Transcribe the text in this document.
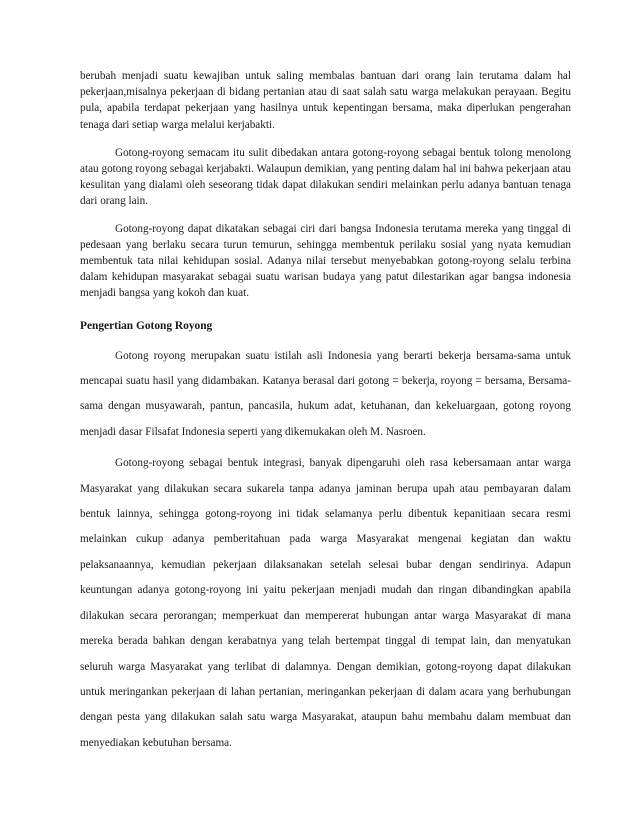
berubah menjadi suatu kewajiban untuk saling membalas bantuan dari orang lain terutama dalam hal pekerjaan,misalnya pekerjaan di bidang pertanian atau di saat salah satu warga melakukan perayaan. Begitu pula, apabila terdapat pekerjaan yang hasilnya untuk kepentingan bersama, maka diperlukan pengerahan tenaga dari setiap warga melalui kerjabakti.

Gotong-royong semacam itu sulit dibedakan antara gotong-royong sebagai bentuk tolong menolong atau gotong royong sebagai kerjabakti. Walaupun demikian, yang penting dalam hal ini bahwa pekerjaan atau kesulitan yang dialami oleh seseorang tidak dapat dilakukan sendiri melainkan perlu adanya bantuan tenaga dari orang lain.

Gotong-royong dapat dikatakan sebagai ciri dari bangsa Indonesia terutama mereka yang tinggal di pedesaan yang berlaku secara turun temurun, sehingga membentuk perilaku sosial yang nyata kemudian membentuk tata nilai kehidupan sosial. Adanya nilai tersebut menyebabkan gotong-royong selalu terbina dalam kehidupan masyarakat sebagai suatu warisan budaya yang patut dilestarikan agar bangsa indonesia menjadi bangsa yang kokoh dan kuat.

Pengertian Gotong Royong

Gotong royong merupakan suatu istilah asli Indonesia yang berarti bekerja bersama-sama untuk mencapai suatu hasil yang didambakan. Katanya berasal dari gotong = bekerja, royong = bersama, Bersama-sama dengan musyawarah, pantun, pancasila, hukum adat, ketuhanan, dan kekeluargaan, gotong royong menjadi dasar Filsafat Indonesia seperti yang dikemukakan oleh M. Nasroen.

Gotong-royong sebagai bentuk integrasi, banyak dipengaruhi oleh rasa kebersamaan antar warga Masyarakat yang dilakukan secara sukarela tanpa adanya jaminan berupa upah atau pembayaran dalam bentuk lainnya, sehingga gotong-royong ini tidak selamanya perlu dibentuk kepanitiaan secara resmi melainkan cukup adanya pemberitahuan pada warga Masyarakat mengenai kegiatan dan waktu pelaksanaannya, kemudian pekerjaan dilaksanakan setelah selesai bubar dengan sendirinya. Adapun keuntungan adanya gotong-royong ini yaitu pekerjaan menjadi mudah dan ringan dibandingkan apabila dilakukan secara perorangan; memperkuat dan mempererat hubungan antar warga Masyarakat di mana mereka berada bahkan dengan kerabatnya yang telah bertempat tinggal di tempat lain, dan menyatukan seluruh warga Masyarakat yang terlibat di dalamnya. Dengan demikian, gotong-royong dapat dilakukan untuk meringankan pekerjaan di lahan pertanian, meringankan pekerjaan di dalam acara yang berhubungan dengan pesta yang dilakukan salah satu warga Masyarakat, ataupun bahu membahu dalam membuat dan menyediakan kebutuhan bersama.
